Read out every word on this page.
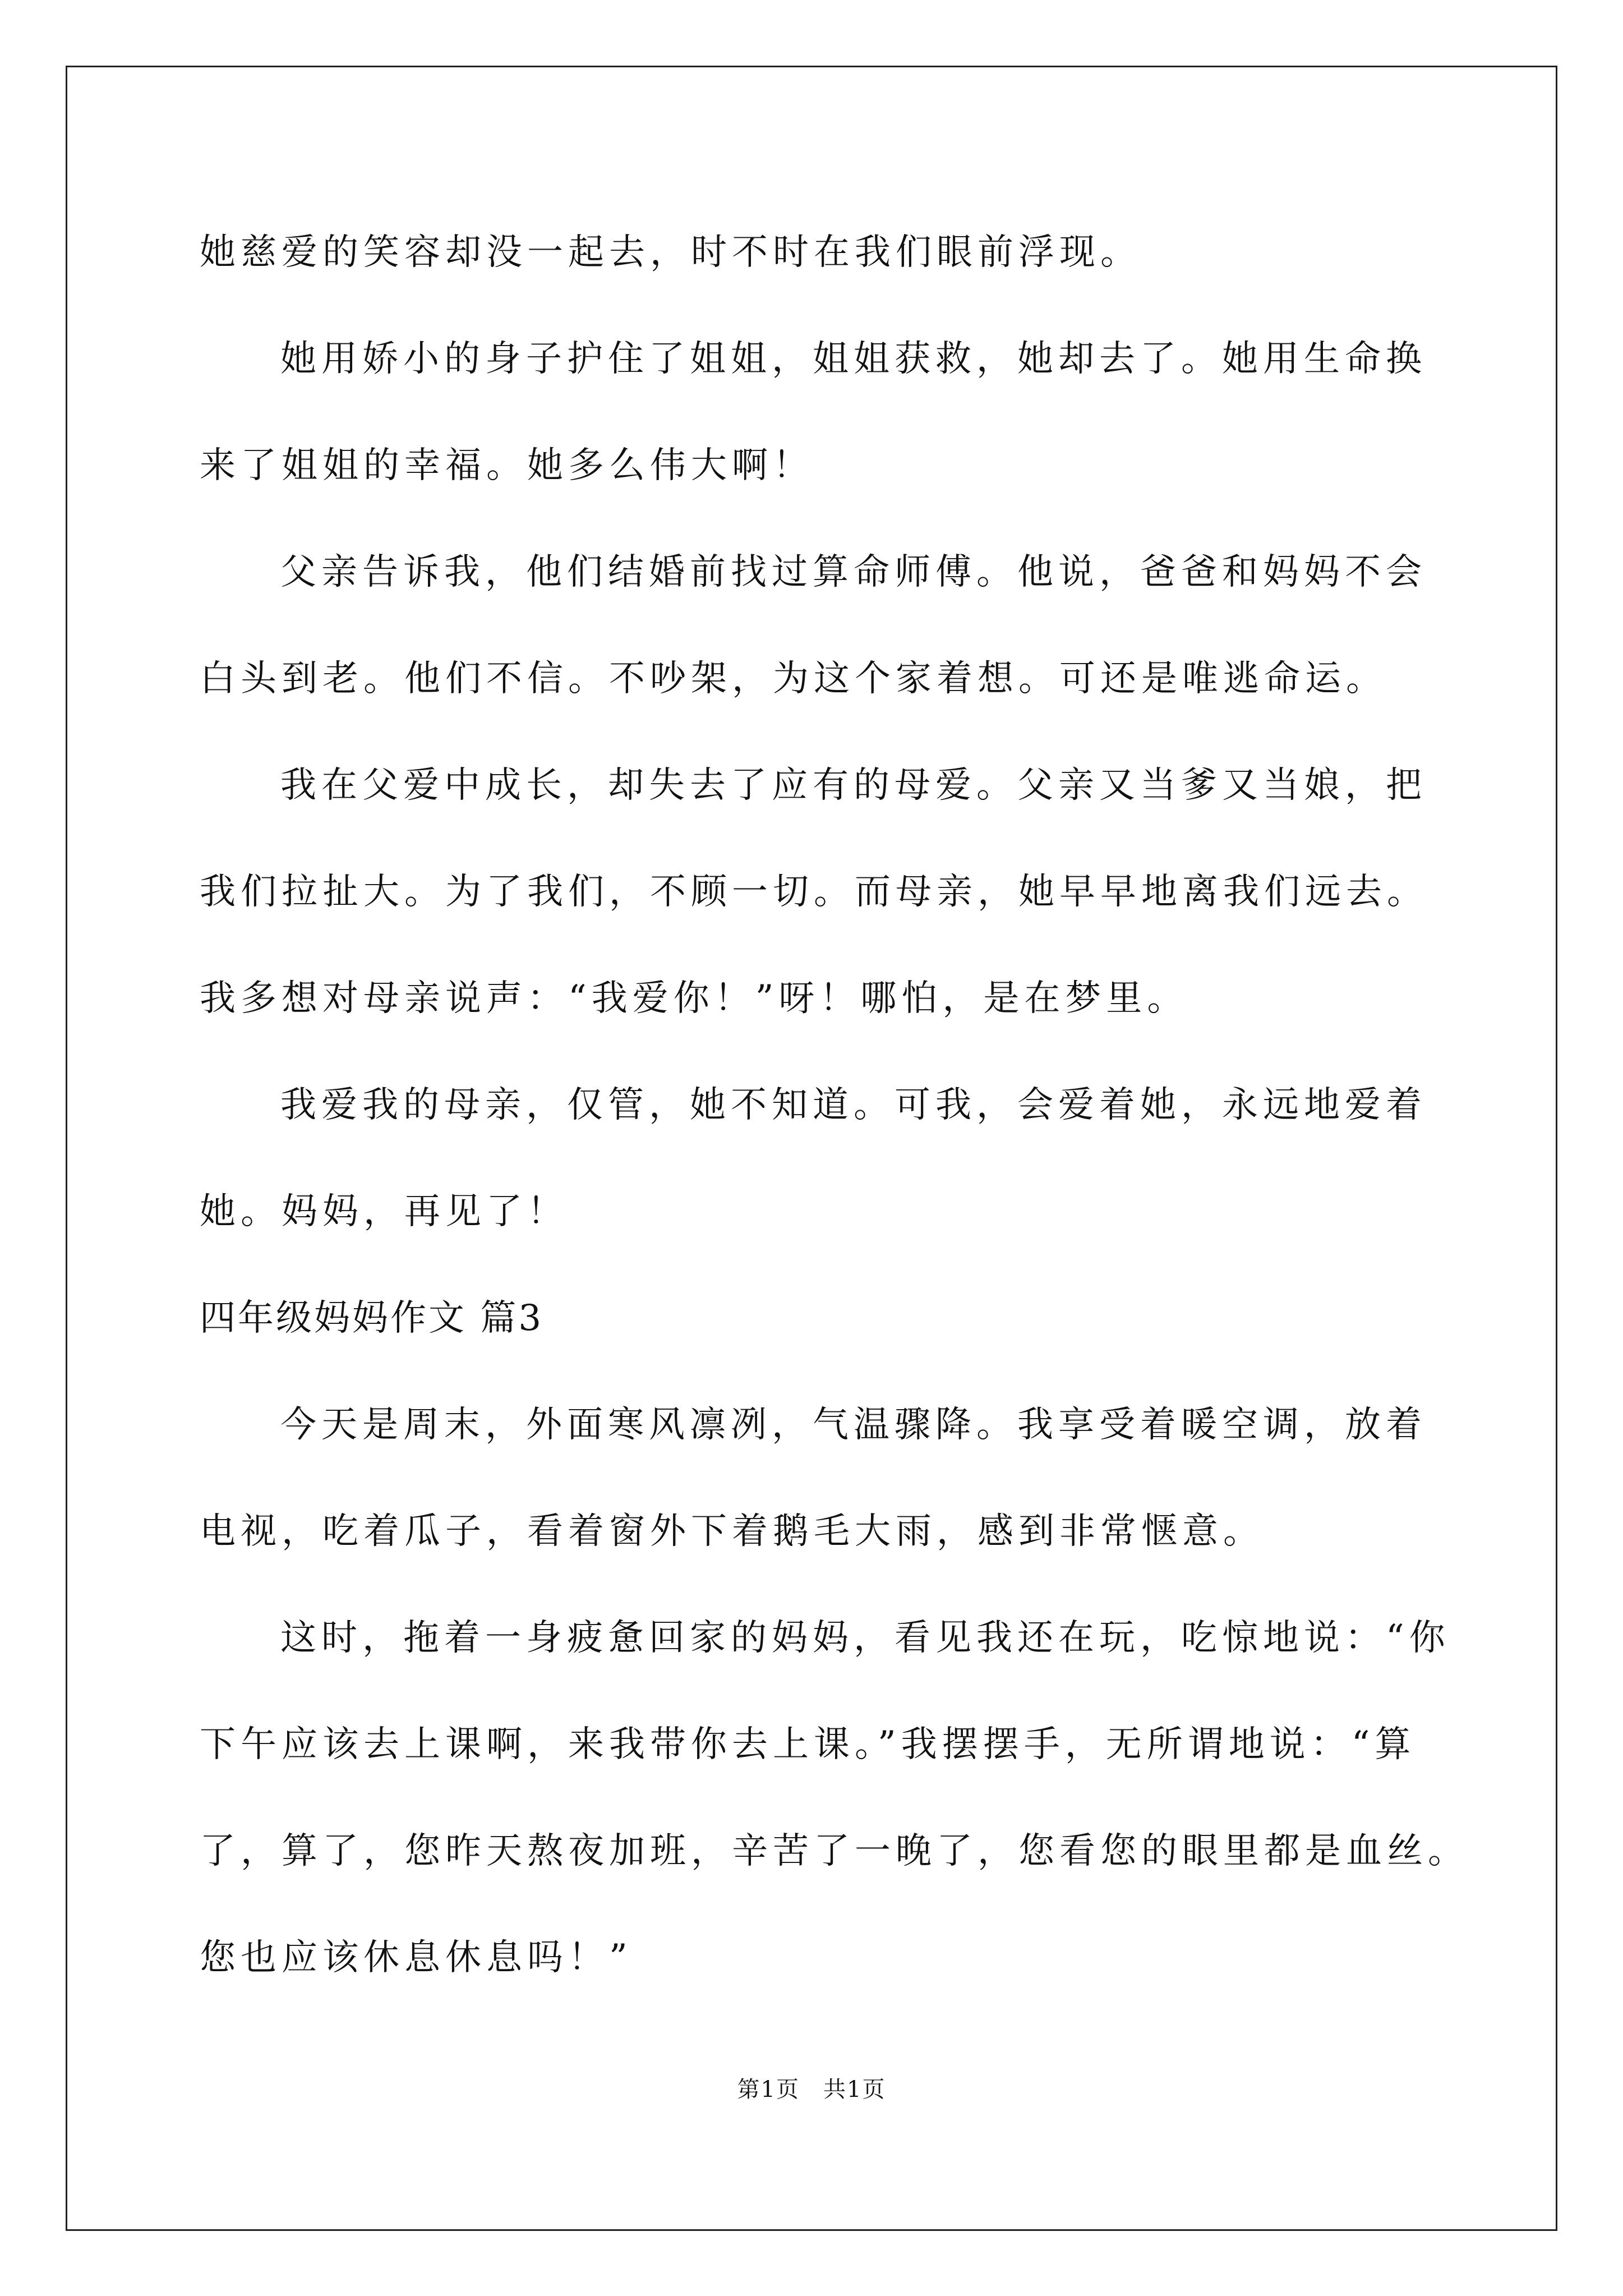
她慈爱的笑容却没一起去，时不时在我们眼前浮现。
她用娇小的身子护住了姐姐，姐姐获救，她却去了。她用生命换
来了姐姐的幸福。她多么伟大啊！
父亲告诉我，他们结婚前找过算命师傅。他说，爸爸和妈妈不会
白头到老。他们不信。不吵架，为这个家着想。可还是唯逃命运。
我在父爱中成长，却失去了应有的母爱。父亲又当爹又当娘，把
我们拉扯大。为了我们，不顾一切。而母亲，她早早地离我们远去。
我多想对母亲说声：“我爱你！”呀！哪怕，是在梦里。
我爱我的母亲，仅管，她不知道。可我，会爱着她，永远地爱着
她。妈妈，再见了！
四年级妈妈作文 篇3
今天是周末，外面寒风凛冽，气温骤降。我享受着暖空调，放着
电视，吃着瓜子，看着窗外下着鹅毛大雨，感到非常惬意。
这时，拖着一身疲惫回家的妈妈，看见我还在玩，吃惊地说：“你
下午应该去上课啊，来我带你去上课。”我摆摆手，无所谓地说：“算
了，算了，您昨天熬夜加班，辛苦了一晚了，您看您的眼里都是血丝。
您也应该休息休息吗！”
第1页　共1页
